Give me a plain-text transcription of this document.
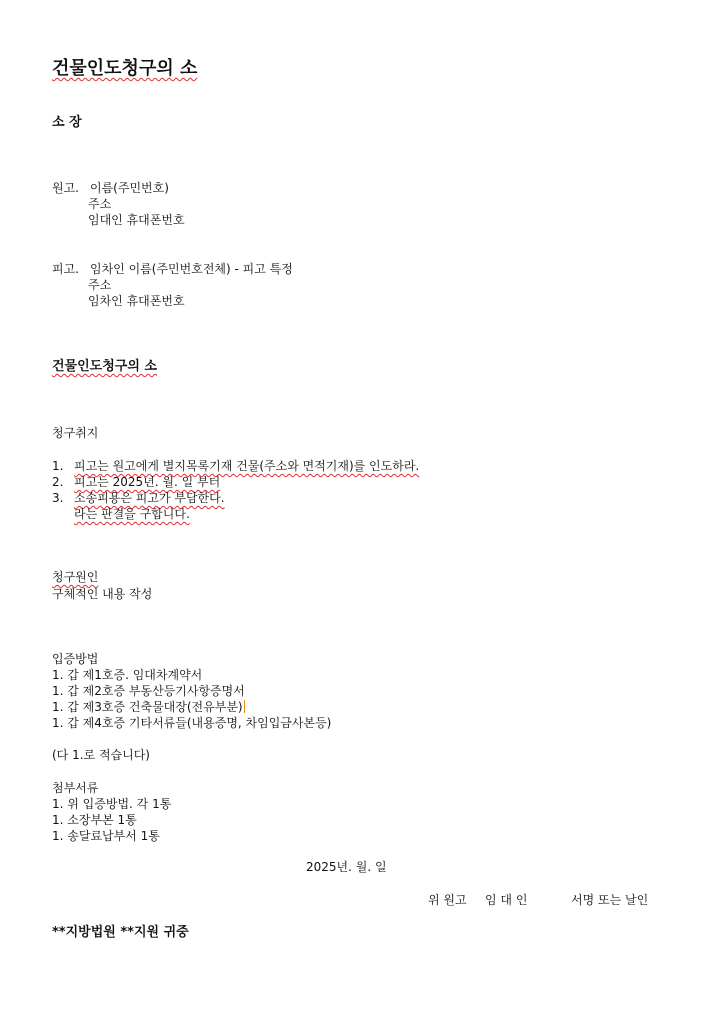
건물인도청구의 소
소 장
원고. 이름(주민번호)
주소
임대인 휴대폰번호
피고. 임차인 이름(주민번호전체) - 피고 특정
주소
임차인 휴대폰번호
건물인도청구의 소
청구취지
1. 피고는 원고에게 별지목록기재 건물(주소와 면적기재)를 인도하라.
2. 피고는 2025년. 월. 일 부터
3. 소송피용은 피고가 부담한다.
라는 판결을 구합니다.
청구원인
구체적인 내용 작성
입증방법
1. 갑 제1호증. 임대차계약서
1. 갑 제2호증 부동산등기사항증명서
1. 갑 제3호증 건축물대장(전유부분)
1. 갑 제4호증 기타서류들(내용증명, 차임입금사본등)
(다 1.로 적습니다)
첨부서류
1. 위 입증방법. 각 1통
1. 소장부본 1통
1. 송달료납부서 1통
2025년. 월. 일
위 원고 임 대 인	서명 또는 날인
**지방법원 **지원 귀중
